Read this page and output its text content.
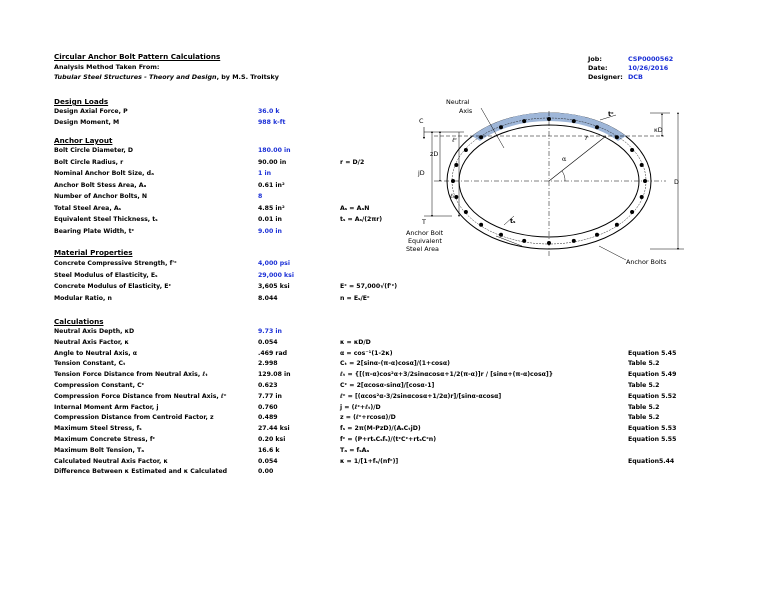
Circular Anchor Bolt Pattern Calculations
Analysis Method Taken From:
Tubular Steel Structures - Theory and Design, by M.S. Troitsky
Job:	CSP0000562
Date:	10/26/2016
Designer: DCB
Design Loads
Anchor Layout
Material Properties
Calculations
Design Axial Force, P	36.0 k
Design Moment, M	988 k-ft
Bolt Circle Diameter, D	180.00 in
Bolt Circle Radius, r	90.00 in	r = D/2
Nominal Anchor Bolt Size, dₐ	1 in
Anchor Bolt Stess Area, Aₐ	0.61 in²
Number of Anchor Bolts, N	8
Total Steel Area, Aₛ	4.85 in²	Aₛ = AₐN
Equivalent Steel Thickness, tₛ	0.01 in	tₛ = Aₛ/(2πr)
Bearing Plate Width, tᶜ	9.00 in
Concrete Compressive Strength, f'ᶜ	4,000 psi
Steel Modulus of Elasticity, Eₛ	29,000 ksi
Concrete Modulus of Elasticity, Eᶜ	3,605 ksi	Eᶜ = 57,000√(f'ᶜ)
Modular Ratio, n	8.044	n = Eₛ/Eᶜ
Neutral Axis Depth, κD	9.73 in
Neutral Axis Factor, κ	0.054	κ = κD/D
Angle to Neutral Axis, α	.469 rad	α = cos⁻¹(1-2κ)	Equation 5.45
Tension Constant, Cₜ	2.998	Cₜ = 2[sinα-(π-α)cosα]/(1+cosα)	Table 5.2
Tension Force Distance from Neutral Axis, ℓₜ	129.08 in	ℓₜ = {[(π-α)cos²α+3/2sinαcosα+1/2(π-α)]r / [sinα+(π-α)cosα]}	Equation 5.49
Compression Constant, Cᶜ	0.623	Cᶜ = 2[αcosα-sinα]/[cosα-1]	Table 5.2
Compression Force Distance from Neutral Axis, ℓᶜ	7.77 in	ℓᶜ = [(αcos²α-3/2sinαcosα+1/2α)r]/[sinα-αcosα]	Equation 5.52
Internal Moment Arm Factor, j	0.760	j = (ℓᶜ+ℓₜ)/D	Table 5.2
Compression Distance from Centroid Factor, z	0.489	z = (ℓᶜ+rcosα)/D	Table 5.2
Maximum Steel Stress, fₛ	27.44 ksi	fₛ = 2π(M-PzD)/(AₛCₜjD)	Equation 5.53
Maximum Concrete Stress, fᶜ	0.20 ksi	fᶜ = (P+rtₛCₛfₛ)/(tᶜCᶜ+rtₛCᶜn)	Equation 5.55
Maximum Bolt Tension, Tₐ	16.6 k	Tₐ = fₛAₐ
Calculated Neutral Axis Factor, κ	0.054	κ = 1/[1+fₛ/(nfᶜ)]	Equation5.44
Difference Between κ Estimated and κ Calculated	0.00
Neutral
Axis	tᶜ
κD
C
zD
jD
ℓᶜ
ℓₜ
α
r
D
T	tₛ
Anchor Bolt
Equivalent
Steel Area
Anchor Bolts
